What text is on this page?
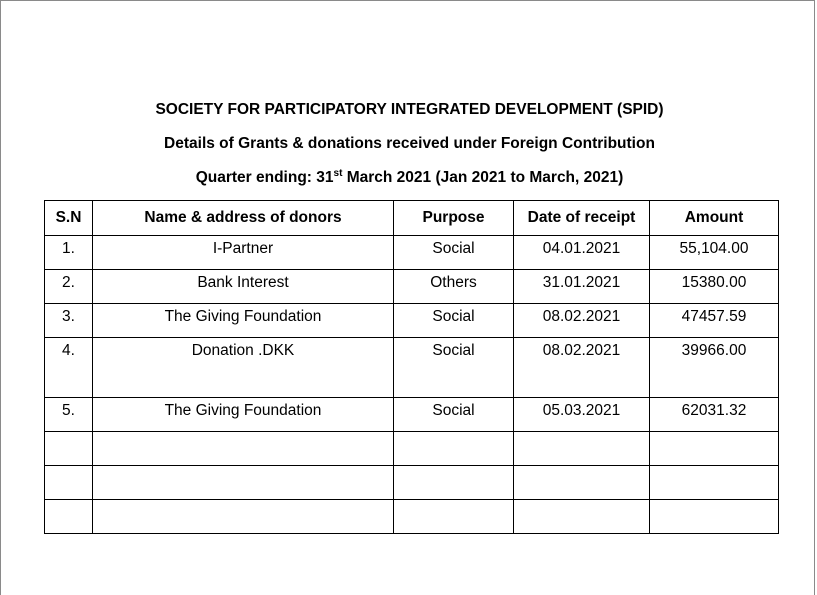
SOCIETY FOR PARTICIPATORY INTEGRATED DEVELOPMENT (SPID)
Details of Grants & donations received under Foreign Contribution
Quarter ending: 31st March 2021 (Jan 2021 to March, 2021)
S.N	Name & address of donors	Purpose	Date of receipt	Amount
1.	I-Partner	Social	04.01.2021	55,104.00
2.	Bank Interest	Others	31.01.2021	15380.00
3.	The Giving Foundation	Social	08.02.2021	47457.59
4.	Donation .DKK	Social	08.02.2021	39966.00
5.	The Giving Foundation	Social	05.03.2021	62031.32
